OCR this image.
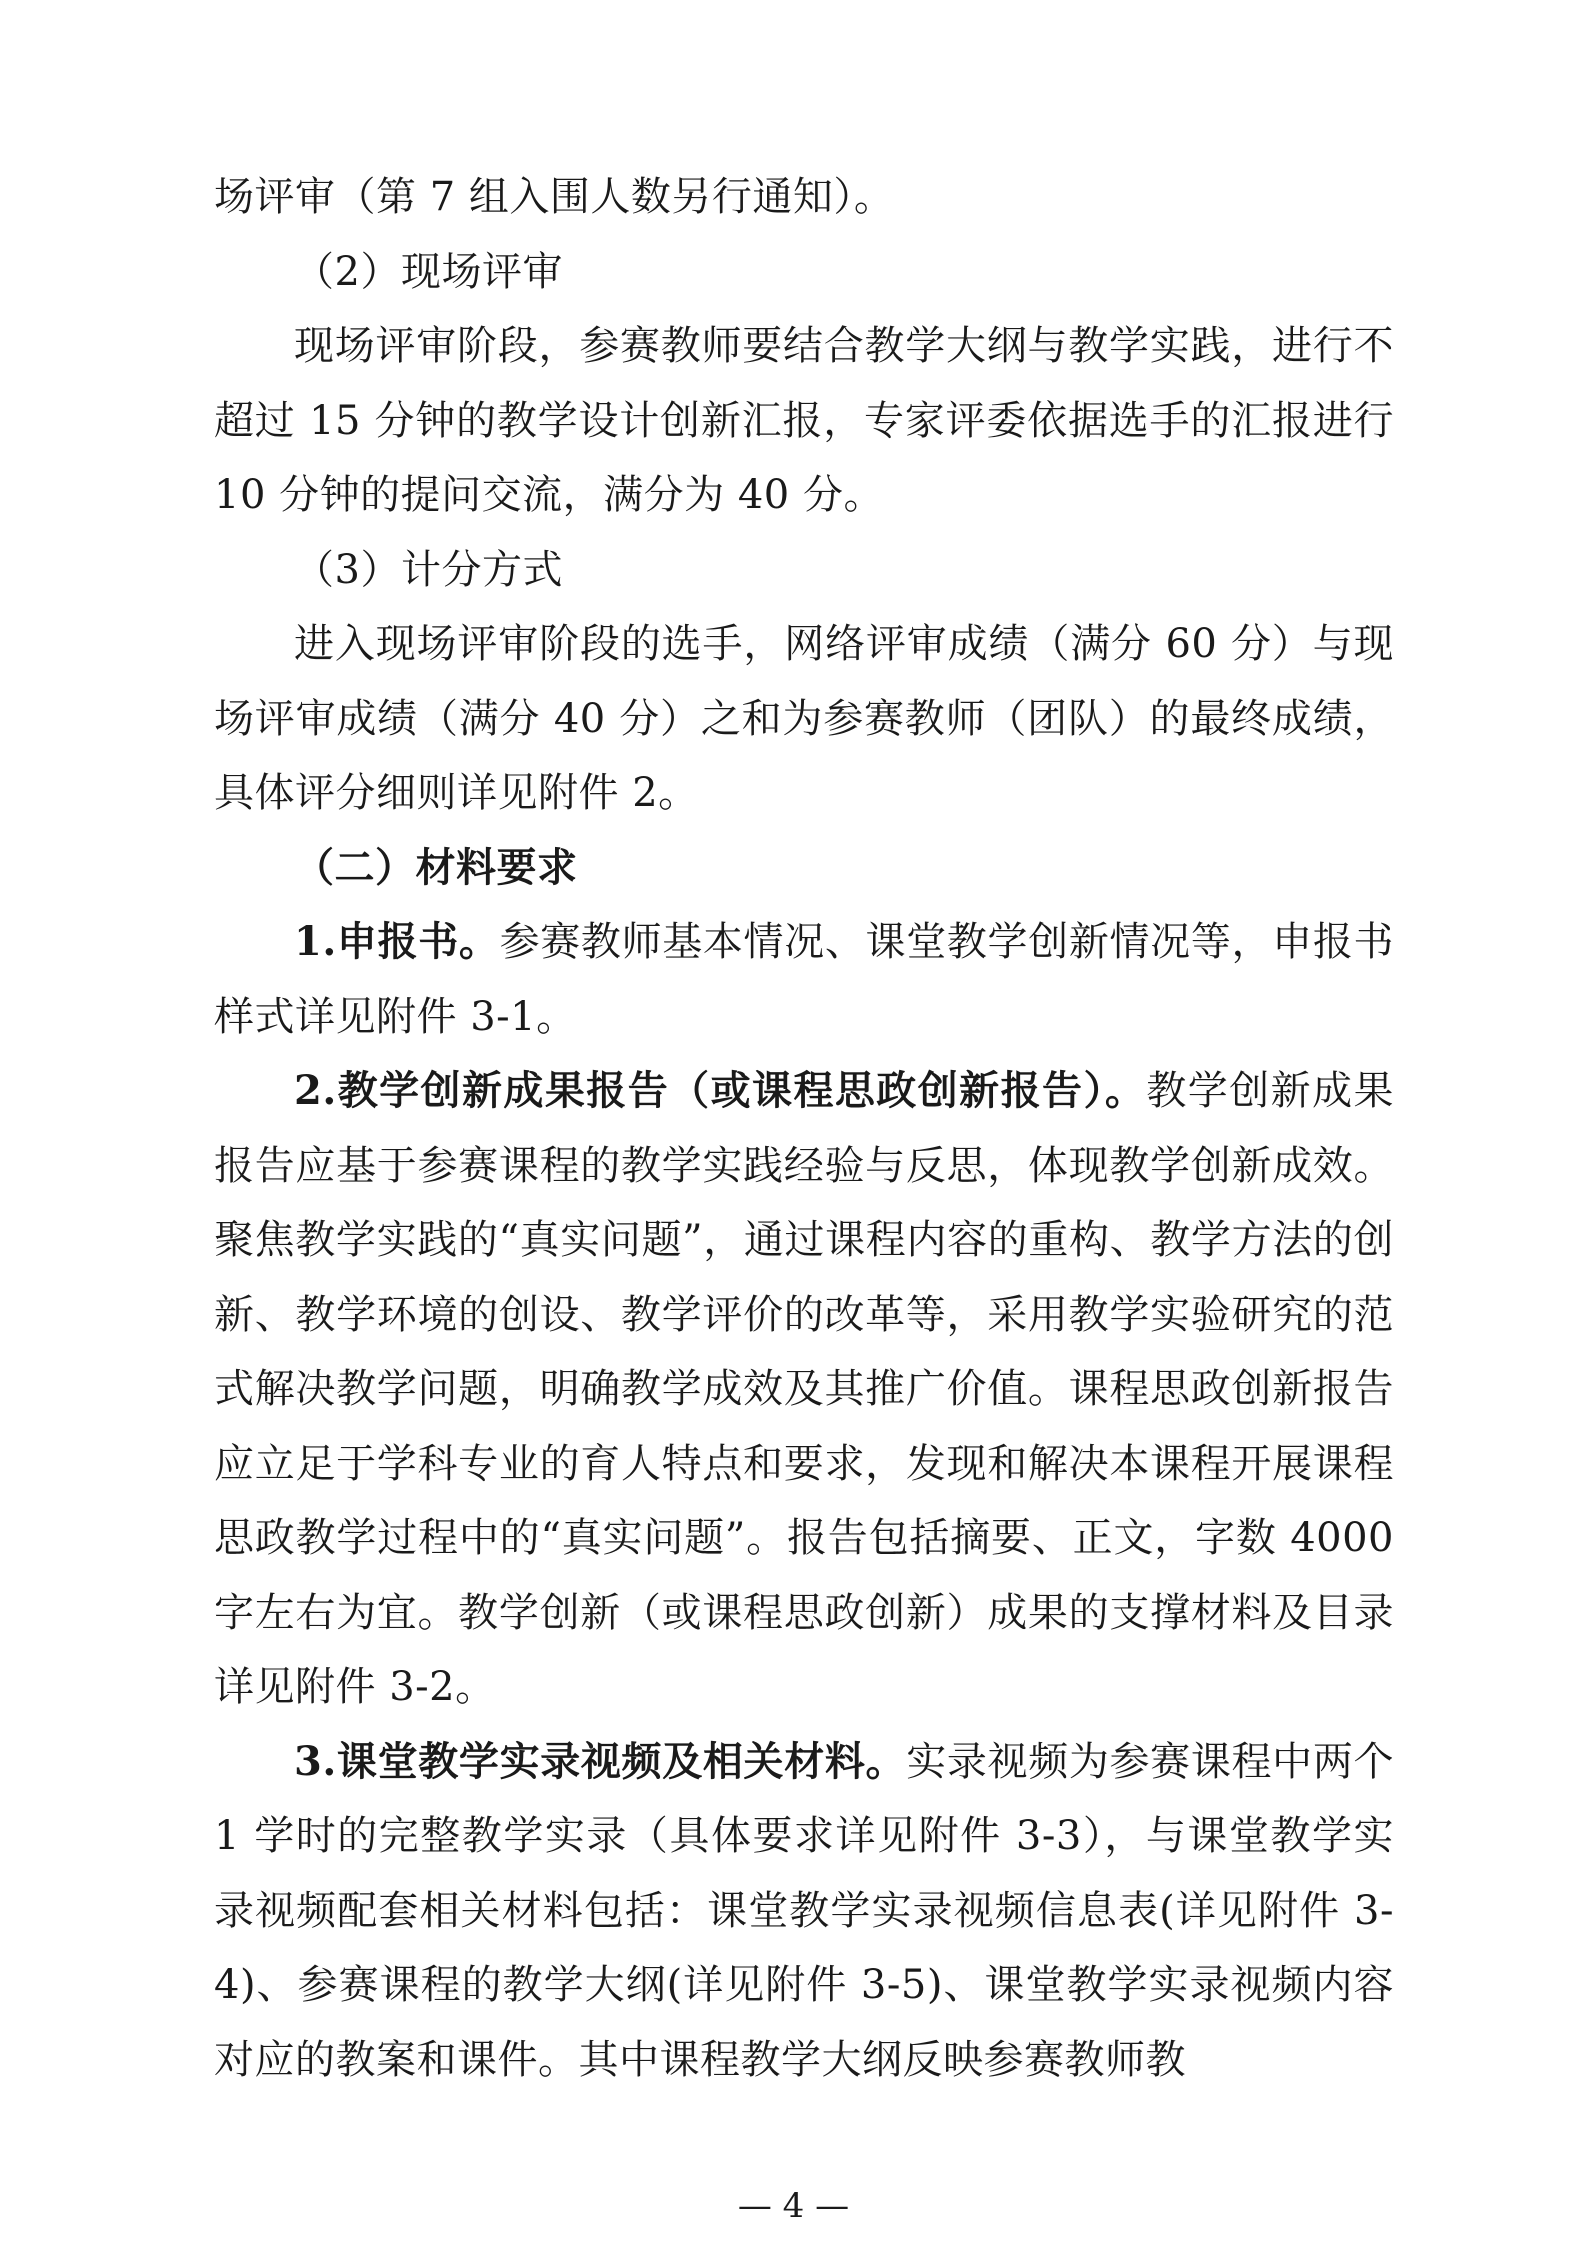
场评审（第 7 组入围人数另行通知）。

（2）现场评审

现场评审阶段，参赛教师要结合教学大纲与教学实践，进行不超过 15 分钟的教学设计创新汇报，专家评委依据选手的汇报进行 10 分钟的提问交流，满分为 40 分。

（3）计分方式

进入现场评审阶段的选手，网络评审成绩（满分 60 分）与现场评审成绩（满分 40 分）之和为参赛教师（团队）的最终成绩，具体评分细则详见附件 2。

（二）材料要求

1.申报书。参赛教师基本情况、课堂教学创新情况等，申报书样式详见附件 3-1。

2.教学创新成果报告（或课程思政创新报告）。教学创新成果报告应基于参赛课程的教学实践经验与反思，体现教学创新成效。聚焦教学实践的“真实问题”，通过课程内容的重构、教学方法的创新、教学环境的创设、教学评价的改革等，采用教学实验研究的范式解决教学问题，明确教学成效及其推广价值。课程思政创新报告应立足于学科专业的育人特点和要求，发现和解决本课程开展课程思政教学过程中的“真实问题”。报告包括摘要、正文，字数 4000 字左右为宜。教学创新（或课程思政创新）成果的支撑材料及目录详见附件 3-2。

3.课堂教学实录视频及相关材料。实录视频为参赛课程中两个 1 学时的完整教学实录（具体要求详见附件 3-3），与课堂教学实录视频配套相关材料包括：课堂教学实录视频信息表(详见附件 3-4)、参赛课程的教学大纲(详见附件 3-5)、课堂教学实录视频内容对应的教案和课件。其中课程教学大纲反映参赛教师教

— 4 —
